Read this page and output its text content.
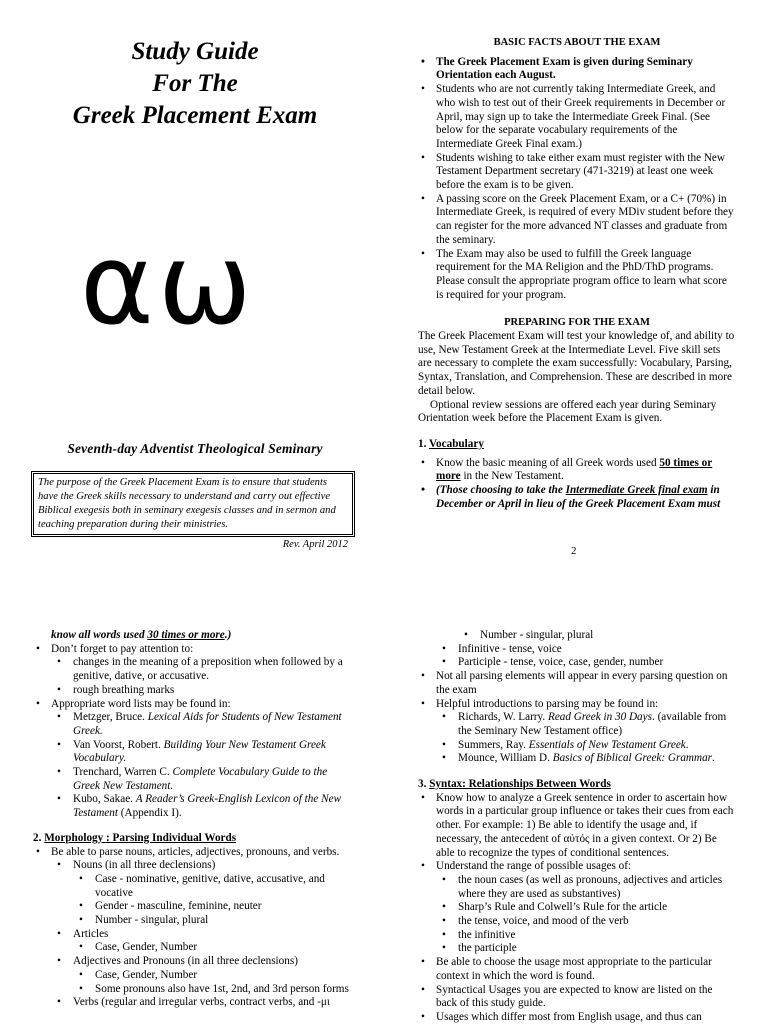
Study Guide
For The
Greek Placement Exam
αω
Seventh-day Adventist Theological Seminary
The purpose of the Greek Placement Exam is to ensure that students have the Greek skills necessary to understand and carry out effective Biblical exegesis both in seminary exegesis classes and in sermon and teaching preparation during their ministries.
Rev. April 2012
BASIC FACTS ABOUT THE EXAM
• The Greek Placement Exam is given during Seminary Orientation each August.
• Students who are not currently taking Intermediate Greek, and who wish to test out of their Greek requirements in December or April, may sign up to take the Intermediate Greek Final. (See below for the separate vocabulary requirements of the Intermediate Greek Final exam.)
• Students wishing to take either exam must register with the New Testament Department secretary (471-3219) at least one week before the exam is to be given.
• A passing score on the Greek Placement Exam, or a C+ (70%) in Intermediate Greek, is required of every MDiv student before they can register for the more advanced NT classes and graduate from the seminary.
• The Exam may also be used to fulfill the Greek language requirement for the MA Religion and the PhD/ThD programs. Please consult the appropriate program office to learn what score is required for your program.
PREPARING FOR THE EXAM
The Greek Placement Exam will test your knowledge of, and ability to use, New Testament Greek at the Intermediate Level. Five skill sets are necessary to complete the exam successfully: Vocabulary, Parsing, Syntax, Translation, and Comprehension. These are described in more detail below.
Optional review sessions are offered each year during Seminary Orientation week before the Placement Exam is given.
1. Vocabulary
• Know the basic meaning of all Greek words used 50 times or more in the New Testament.
• (Those choosing to take the Intermediate Greek final exam in December or April in lieu of the Greek Placement Exam must
2
know all words used 30 times or more.)
• Don’t forget to pay attention to:
• changes in the meaning of a preposition when followed by a genitive, dative, or accusative.
• rough breathing marks
• Appropriate word lists may be found in:
• Metzger, Bruce. Lexical Aids for Students of New Testament Greek.
• Van Voorst, Robert. Building Your New Testament Greek Vocabulary.
• Trenchard, Warren C. Complete Vocabulary Guide to the Greek New Testament.
• Kubo, Sakae. A Reader’s Greek-English Lexicon of the New Testament (Appendix I).
2. Morphology : Parsing Individual Words
• Be able to parse nouns, articles, adjectives, pronouns, and verbs.
• Nouns (in all three declensions)
• Case - nominative, genitive, dative, accusative, and vocative
• Gender - masculine, feminine, neuter
• Number - singular, plural
• Articles
• Case, Gender, Number
• Adjectives and Pronouns (in all three declensions)
• Case, Gender, Number
• Some pronouns also have 1st, 2nd, and 3rd person forms
• Verbs (regular and irregular verbs, contract verbs, and -μι
• Number - singular, plural
• Infinitive - tense, voice
• Participle - tense, voice, case, gender, number
• Not all parsing elements will appear in every parsing question on the exam
• Helpful introductions to parsing may be found in:
• Richards, W. Larry. Read Greek in 30 Days. (available from the Seminary New Testament office)
• Summers, Ray. Essentials of New Testament Greek.
• Mounce, William D. Basics of Biblical Greek: Grammar.
3. Syntax: Relationships Between Words
• Know how to analyze a Greek sentence in order to ascertain how words in a particular group influence or takes their cues from each other. For example: 1) Be able to identify the usage and, if necessary, the antecedent of αὐτός in a given context. Or 2) Be able to recognize the types of conditional sentences.
• Understand the range of possible usages of:
• the noun cases (as well as pronouns, adjectives and articles where they are used as substantives)
• Sharp’s Rule and Colwell’s Rule for the article
• the tense, voice, and mood of the verb
• the infinitive
• the participle
• Be able to choose the usage most appropriate to the particular context in which the word is found.
• Syntactical Usages you are expected to know are listed on the back of this study guide.
• Usages which differ most from English usage, and thus can
